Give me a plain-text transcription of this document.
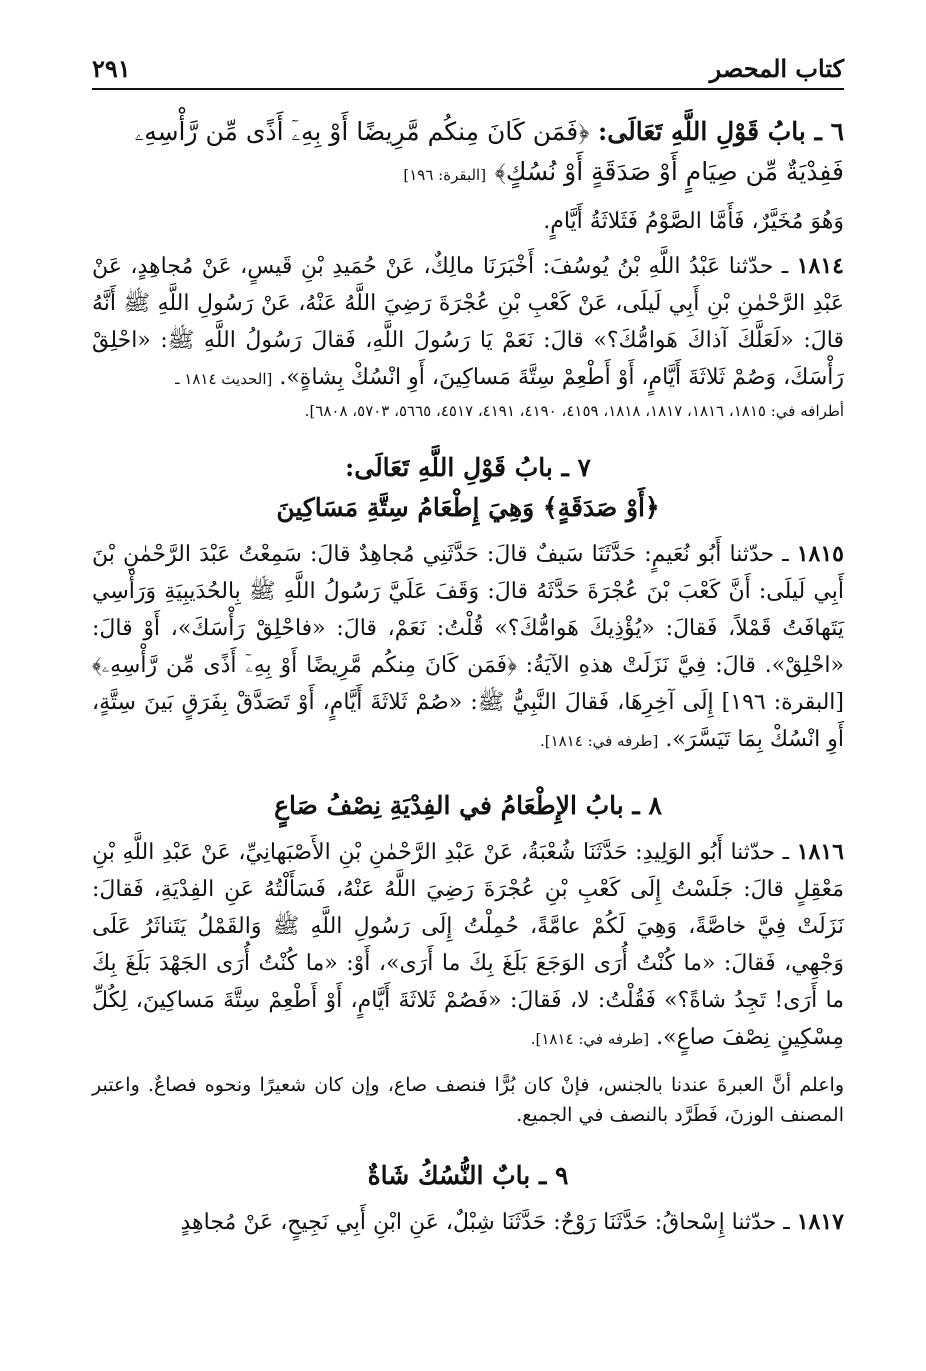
كتاب المحصر
٢٩١
٦ ـ بابُ قَوْلِ اللَّهِ تَعَالَى: ﴿فَمَن كَانَ مِنكُم مَّرِيضًا أَوْ بِهِۦٓ أَذًى مِّن رَّأْسِهِۦ فَفِدْيَةٌ مِّن صِيَامٍ أَوْ صَدَقَةٍ أَوْ نُسُكٍ﴾ [البقرة: ١٩٦]
وَهُوَ مُخَيَّرٌ، فَأَمَّا الصَّوْمُ فَثَلاثَةُ أَيَّامٍ.
١٨١٤ ـ حدّثنا عَبْدُ اللَّهِ بْنُ يُوسُفَ: أَخْبَرَنَا مالِكٌ، عَنْ حُمَيدِ بْنِ قَيسٍ، عَنْ مُجاهِدٍ، عَنْ عَبْدِ الرَّحْمٰنِ بْنِ أَبِي لَيلَى، عَنْ كَعْبِ بْنِ عُجْرَةَ رَضِيَ اللَّهُ عَنْهُ، عَنْ رَسُولِ اللَّهِ ﷺ أَنَّهُ قالَ: «لَعَلَّكَ آذاكَ هَوامُّكَ؟» قالَ: نَعَمْ يَا رَسُولَ اللَّهِ، فَقالَ رَسُولُ اللَّهِ ﷺ: «احْلِقْ رَأْسَكَ، وَصُمْ ثَلاثَةَ أَيَّامٍ، أَوْ أَطْعِمْ سِتَّةَ مَساكِينَ، أَوِ انْسُكْ بِشاةٍ». [الحديث ١٨١٤ ـ
أطرافه في: ١٨١٥، ١٨١٦، ١٨١٧، ١٨١٨، ٤١٥٩، ٤١٩٠، ٤١٩١، ٤٥١٧، ٥٦٦٥، ٥٧٠٣، ٦٨٠٨].
٧ ـ بابُ قَوْلِ اللَّهِ تَعَالَى:
﴿أَوْ صَدَقَةٍ﴾ وَهِيَ إِطْعَامُ سِتَّةِ مَسَاكِينَ
١٨١٥ ـ حدّثنا أَبُو نُعَيمٍ: حَدَّثَنَا سَيفٌ قالَ: حَدَّثَنِي مُجاهِدٌ قالَ: سَمِعْتُ عَبْدَ الرَّحْمٰنِ بْنَ أَبِي لَيلَى: أَنَّ كَعْبَ بْنَ عُجْرَةَ حَدَّثَهُ قالَ: وَقَفَ عَلَيَّ رَسُولُ اللَّهِ ﷺ بِالحُدَيبِيَةِ وَرَأْسِي يَتَهافَتُ قَمْلاً، فَقالَ: «يُؤْذِيكَ هَوامُّكَ؟» قُلْتُ: نَعَمْ، قالَ: «فاحْلِقْ رَأْسَكَ»، أَوْ قالَ: «احْلِقْ». قالَ: فِيَّ نَزَلَتْ هذهِ الآيَةُ: ﴿فَمَن كَانَ مِنكُم مَّرِيضًا أَوْ بِهِۦٓ أَذًى مِّن رَّأْسِهِۦ﴾ [البقرة: ١٩٦] إِلَى آخِرِهَا، فَقالَ النَّبِيُّ ﷺ: «صُمْ ثَلاثَةَ أَيَّامٍ، أَوْ تَصَدَّقْ بِفَرَقٍ بَينَ سِتَّةٍ، أَوِ انْسُكْ بِمَا تَيَسَّرَ». [طرفه في: ١٨١٤].
٨ ـ بابُ الإِطْعَامُ في الفِدْيَةِ نِصْفُ صَاعٍ
١٨١٦ ـ حدّثنا أَبُو الوَلِيدِ: حَدَّثَنَا شُعْبَةُ، عَنْ عَبْدِ الرَّحْمٰنِ بْنِ الأَصْبَهانِيِّ، عَنْ عَبْدِ اللَّهِ بْنِ مَعْقِلٍ قالَ: جَلَسْتُ إِلَى كَعْبِ بْنِ عُجْرَةَ رَضِيَ اللَّهُ عَنْهُ، فَسَأَلْتُهُ عَنِ الفِدْيَةِ، فَقالَ: نَزَلَتْ فِيَّ خاصَّةً، وَهِيَ لَكُمْ عامَّةً، حُمِلْتُ إِلَى رَسُولِ اللَّهِ ﷺ وَالقَمْلُ يَتَناثَرُ عَلَى وَجْهِي، فَقالَ: «ما كُنْتُ أُرَى الوَجَعَ بَلَغَ بِكَ ما أَرَى»، أَوْ: «ما كُنْتُ أُرَى الجَهْدَ بَلَغَ بِكَ ما أَرَى! تَجِدُ شاةً؟» فَقُلْتُ: لا، فَقالَ: «فَصُمْ ثَلاثَةَ أَيَّامٍ، أَوْ أَطْعِمْ سِتَّةَ مَساكِينَ، لِكُلِّ مِسْكِينٍ نِصْفَ صاعٍ». [طرفه في: ١٨١٤].
واعلم أنَّ العبرةَ عندنا بالجنس، فإنْ كان بُرًّا فنصف صاع، وإن كان شعيرًا ونحوه فصاعٌ. واعتبر المصنف الوزنَ، فَطَرَّد بالنصف في الجميع.
٩ ـ بابٌ النُّسُكُ شَاةٌ
١٨١٧ ـ حدّثنا إِسْحاقُ: حَدَّثَنَا رَوْحٌ: حَدَّثَنَا شِبْلٌ، عَنِ ابْنِ أَبِي نَجِيحٍ، عَنْ مُجاهِدٍ
